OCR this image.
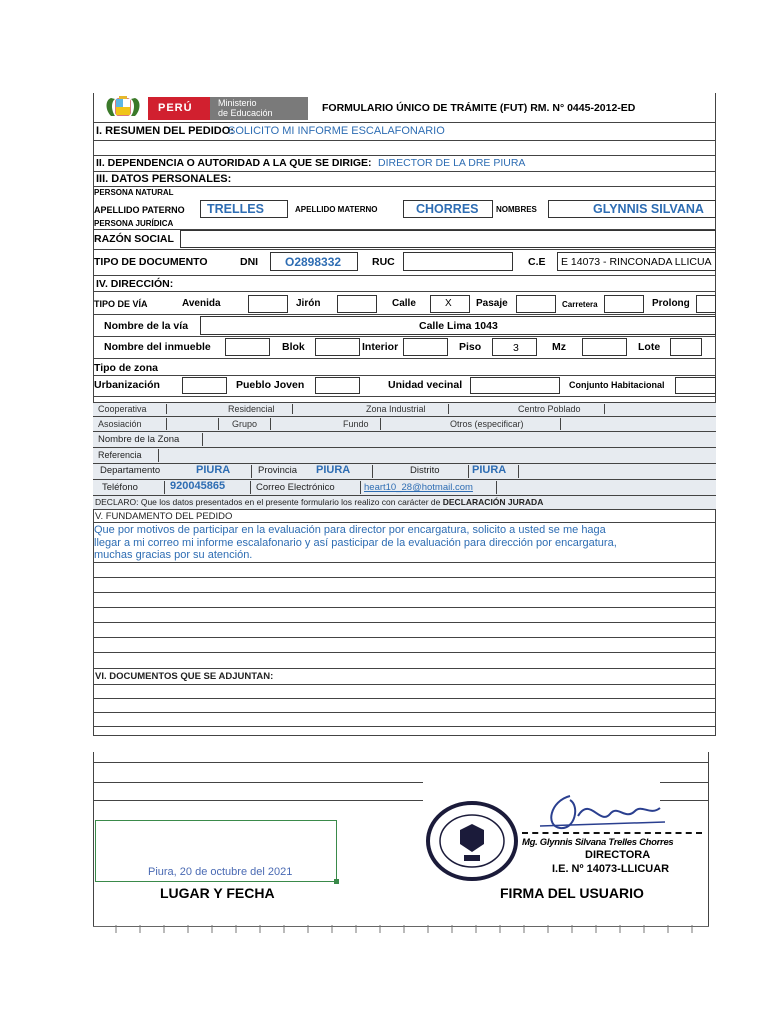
PERÚ	Ministerio
de Educación	FORMULARIO ÚNICO DE TRÁMITE (FUT) RM. N° 0445-2012-ED
I. RESUMEN DEL PEDIDO:
SOLICITO MI INFORME ESCALAFONARIO
II. DEPENDENCIA O AUTORIDAD A LA QUE SE DIRIGE: DIRECTOR DE LA DRE PIURA
III. DATOS PERSONALES:
PERSONA NATURAL
APELLIDO PATERNO TRELLES	APELLIDO MATERNO	CHORRES NOMBRES	GLYNNIS SILVANA
PERSONA JURÍDICA
RAZÓN SOCIAL
TIPO DE DOCUMENTO	DNI O2898332	RUC	C.E E 14073 - RINCONADA LLICUA
IV. DIRECCIÓN:
TIPO DE VÍA	Avenida	Jirón	Calle	X Pasaje	Carretera	Prolong
Nombre de la vía	Calle Lima 1043
Nombre del inmueble	Blok	Interior	Piso	3	Mz	Lote
Tipo de zona
Urbanización	Pueblo Joven	Unidad vecinal	Conjunto Habitacional
Cooperativa	Residencial	Zona Industrial	Centro Poblado
Asosiación	Grupo	Fundo	Otros (especificar)
Nombre de la Zona
Referencia
Departamento	PIURA	Provincia PIURA	Distrito	PIURA
Teléfono	920045865	Correo Electrónico	heart10_28@hotmail.com
DECLARO: Que los datos presentados en el presente formulario los realizo con carácter de DECLARACIÓN JURADA
V. FUNDAMENTO DEL PEDIDO
Que por motivos de participar en la evaluación para director por encargatura, solicito a usted se me haga
llegar a mi correo mi informe escalafonario y así pasticipar de la evaluación para dirección por encargatura,
muchas gracias por su atención.
VI. DOCUMENTOS QUE SE ADJUNTAN:
Piura, 20 de octubre del 2021
LUGAR Y FECHA
Mg. Glynnis Silvana Trelles Chorres
DIRECTORA
I.E. Nº 14073-LLICUAR
FIRMA DEL USUARIO
